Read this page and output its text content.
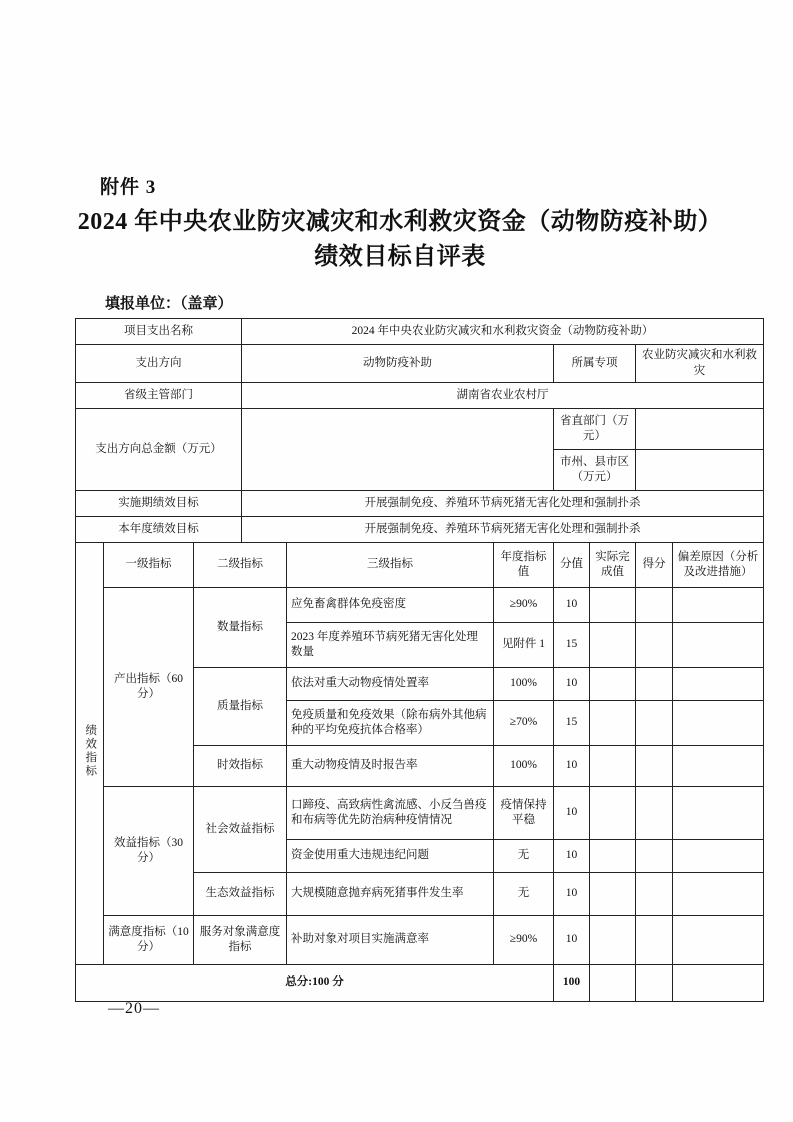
附件 3
2024 年中央农业防灾减灾和水利救灾资金（动物防疫补助）
绩效目标自评表
填报单位：（盖章）
项目支出名称			2024 年中央农业防灾减灾和水利救灾资金（动物防疫补助）						
支出方向			动物防疫补助			所属专项		农业防灾减灾和水利救灾	
省级主管部门			湖南省农业农村厅						
支出方向总金额（万元）						省直部门（万元）			
						市州、县市区（万元）			
实施期绩效目标			开展强制免疫、养殖环节病死猪无害化处理和强制扑杀						
本年度绩效目标			开展强制免疫、养殖环节病死猪无害化处理和强制扑杀						
绩效指标	一级指标	二级指标		三级指标	年度指标值	分值	实际完成值	得分	偏差原因（分析及改进措施）
	产出指标（60 分）	数量指标		应免畜禽群体免疫密度	≥90%	10			
				2023 年度养殖环节病死猪无害化处理数量	见附件 1	15			
		质量指标		依法对重大动物疫情处置率	100%	10			
				免疫质量和免疫效果（除布病外其他病种的平均免疫抗体合格率）	≥70%	15			
		时效指标		重大动物疫情及时报告率	100%	10			
	效益指标（30 分）	社会效益指标		口蹄疫、高致病性禽流感、小反刍兽疫和布病等优先防治病种疫情情况	疫情保持平稳	10			
				资金使用重大违规违纪问题	无	10			
		生态效益指标		大规模随意抛弃病死猪事件发生率	无	10			
	满意度指标（10 分）	服务对象满意度指标		补助对象对项目实施满意率	≥90%	10			
总分:100 分						100			
—20—
